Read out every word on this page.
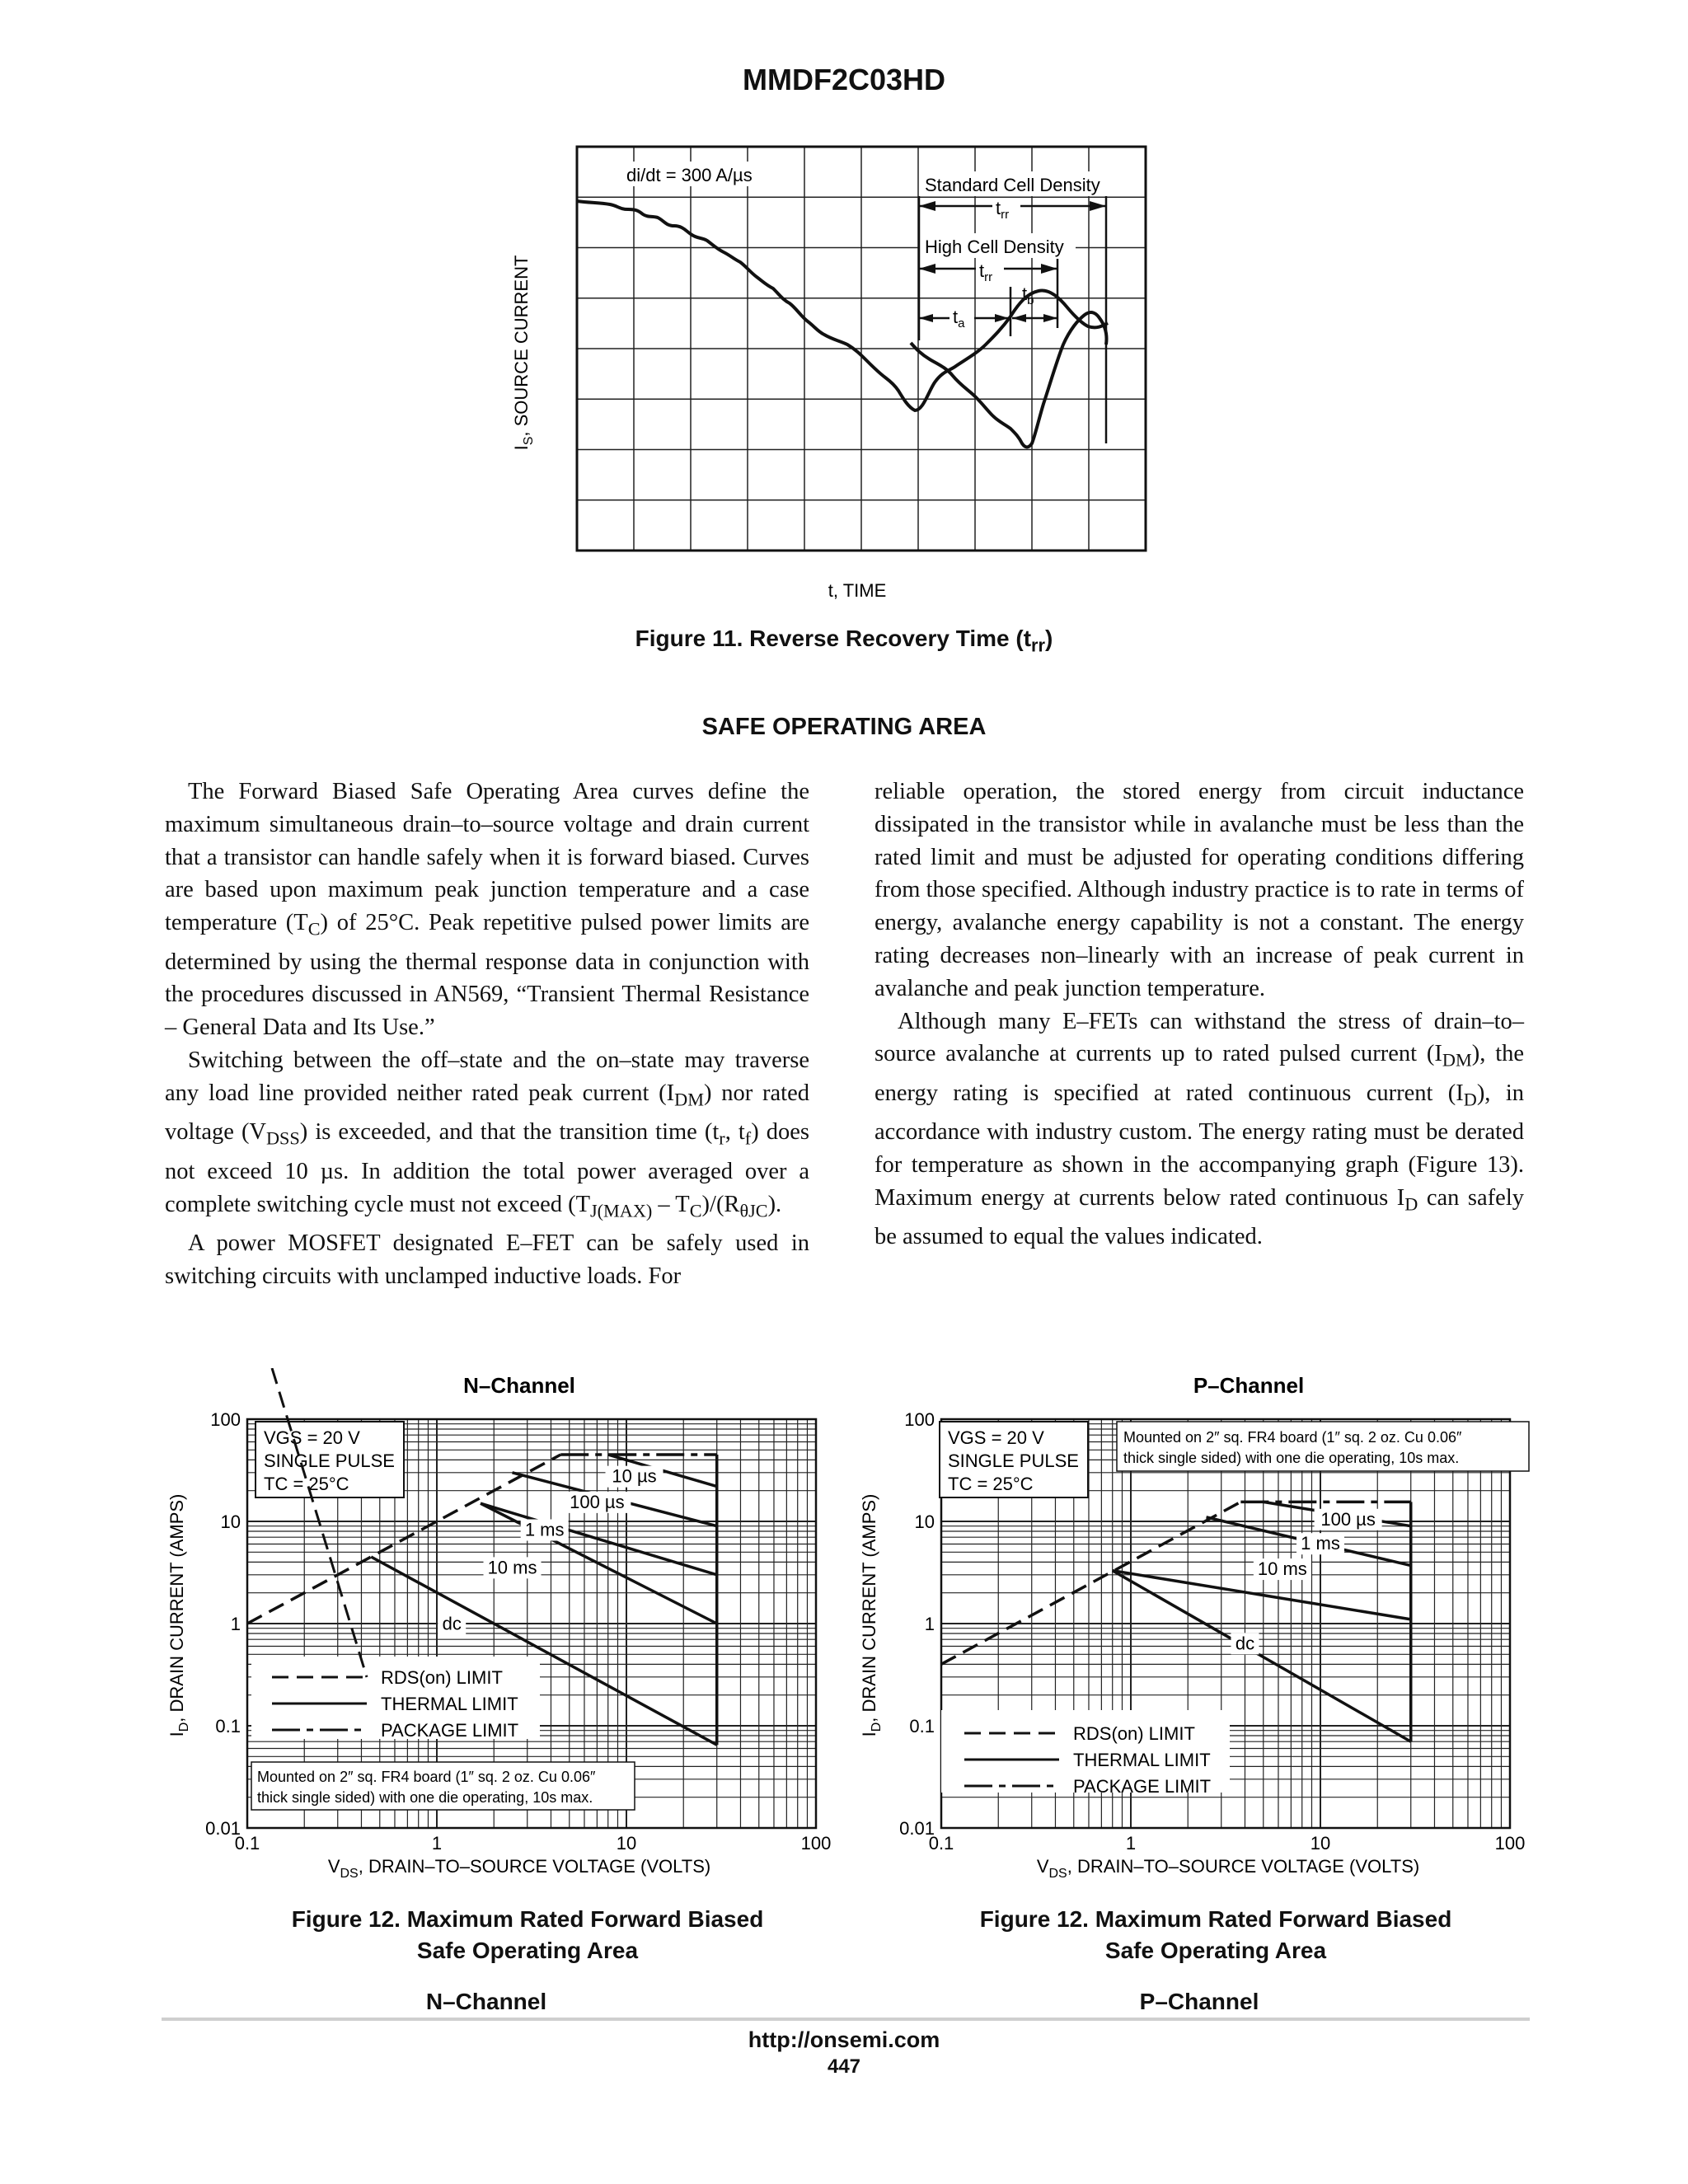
MMDF2C03HD
$I_S$, SOURCE CURRENT
t, TIME
di/dt = 300 A/µs	Standard Cell Density
High Cell Density
$t_{rr}$
$t_{rr}$
$t_a$
$t_b$
Figure 11. Reverse Recovery Time $(t_{rr})$
SAFE OPERATING AREA

The Forward Biased Safe Operating Area curves define the maximum simultaneous drain–to–source voltage and drain current that a transistor can handle safely when it is forward biased. Curves are based upon maximum peak junction temperature and a case temperature $(T_C)$ of 25°C. Peak repetitive pulsed power limits are determined by using the thermal response data in conjunction with the procedures discussed in AN569, “Transient Thermal Resistance – General Data and Its Use.”

Switching between the off–state and the on–state may traverse any load line provided neither rated peak current $(I_{DM})$ nor rated voltage $(V_{DSS})$ is exceeded, and that the transition time ($t_r$, $t_f$) does not exceed 10 µs. In addition the total power averaged over a complete switching cycle must not exceed $(T_{J(MAX)} - T_C)/(R_{\theta JC})$.

A power MOSFET designated E–FET can be safely used in switching circuits with unclamped inductive loads. For

reliable operation, the stored energy from circuit inductance dissipated in the transistor while in avalanche must be less than the rated limit and must be adjusted for operating conditions differing from those specified. Although industry practice is to rate in terms of energy, avalanche energy capability is not a constant. The energy rating decreases non–linearly with an increase of peak current in avalanche and peak junction temperature.

Although many E–FETs can withstand the stress of drain–to–source avalanche at currents up to rated pulsed current $(I_{DM})$, the energy rating is specified at rated continuous current $(I_D)$, in accordance with industry custom. The energy rating must be derated for temperature as shown in the accompanying graph (Figure 13). Maximum energy at currents below rated continuous $I_D$ can safely be assumed to equal the values indicated.

N–Channel
0.1	1	10	100
100
10
1
0.1
0.01
$I_D$, DRAIN CURRENT (AMPS)
$V_{DS}$, DRAIN–TO–SOURCE VOLTAGE (VOLTS)
VGS = 20 V
SINGLE PULSE
TC = 25°C
RDS(on) LIMIT
THERMAL LIMIT
PACKAGE LIMIT
Mounted on 2″ sq. FR4 board (1″ sq. 2 oz. Cu 0.06″
thick single sided) with one die operating, 10s max.
10 µs
100 µs
1 ms
10 ms
dc
P–Channel
0.1	1	10	100
100
10
1
0.1
0.01
$I_D$, DRAIN CURRENT (AMPS)
$V_{DS}$, DRAIN–TO–SOURCE VOLTAGE (VOLTS)
VGS = 20 V
SINGLE PULSE
TC = 25°C
Mounted on 2″ sq. FR4 board (1″ sq. 2 oz. Cu 0.06″
thick single sided) with one die operating, 10s max.
RDS(on) LIMIT
THERMAL LIMIT
PACKAGE LIMIT
100 µs
1 ms
10 ms
dc
Figure 12. Maximum Rated Forward Biased
Safe Operating Area
Figure 12. Maximum Rated Forward Biased
Safe Operating Area
N–Channel	P–Channel
http://onsemi.com
447
